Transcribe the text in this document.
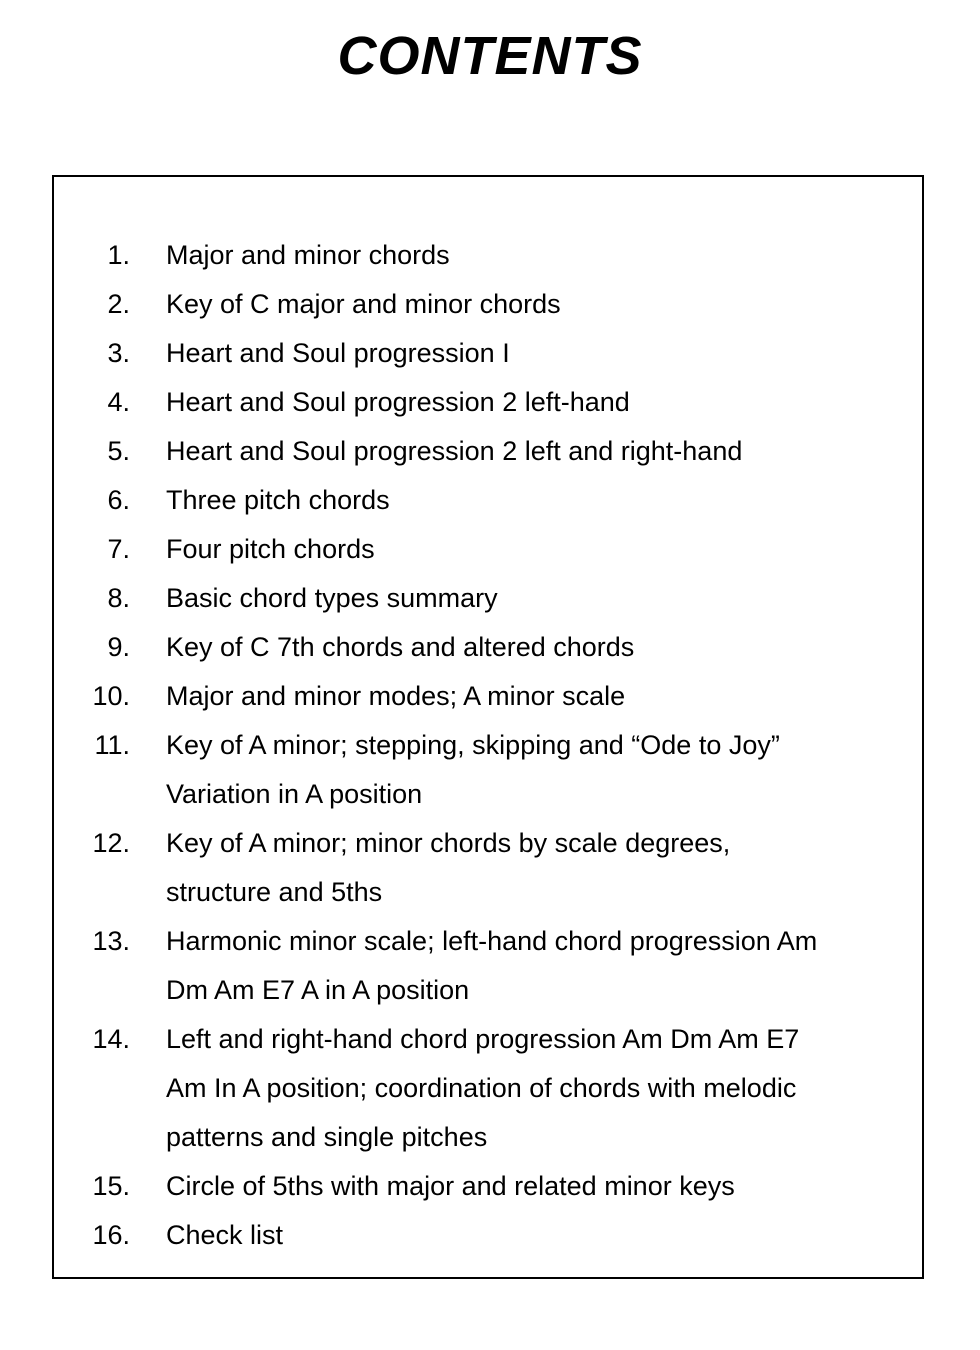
CONTENTS
1. Major and minor chords
2. Key of C major and minor chords
3. Heart and Soul progression I
4. Heart and Soul progression 2 left-hand
5. Heart and Soul progression 2 left and right-hand
6. Three pitch chords
7. Four pitch chords
8. Basic chord types summary
9. Key of C 7th chords and altered chords
10. Major and minor modes; A minor scale
11. Key of A minor; stepping, skipping and “Ode to Joy”
Variation in A position
12. Key of A minor; minor chords by scale degrees,
structure and 5ths
13. Harmonic minor scale; left-hand chord progression Am
Dm Am E7 A in A position
14. Left and right-hand chord progression Am Dm Am E7
Am In A position; coordination of chords with melodic
patterns and single pitches
15. Circle of 5ths with major and related minor keys
16. Check list
